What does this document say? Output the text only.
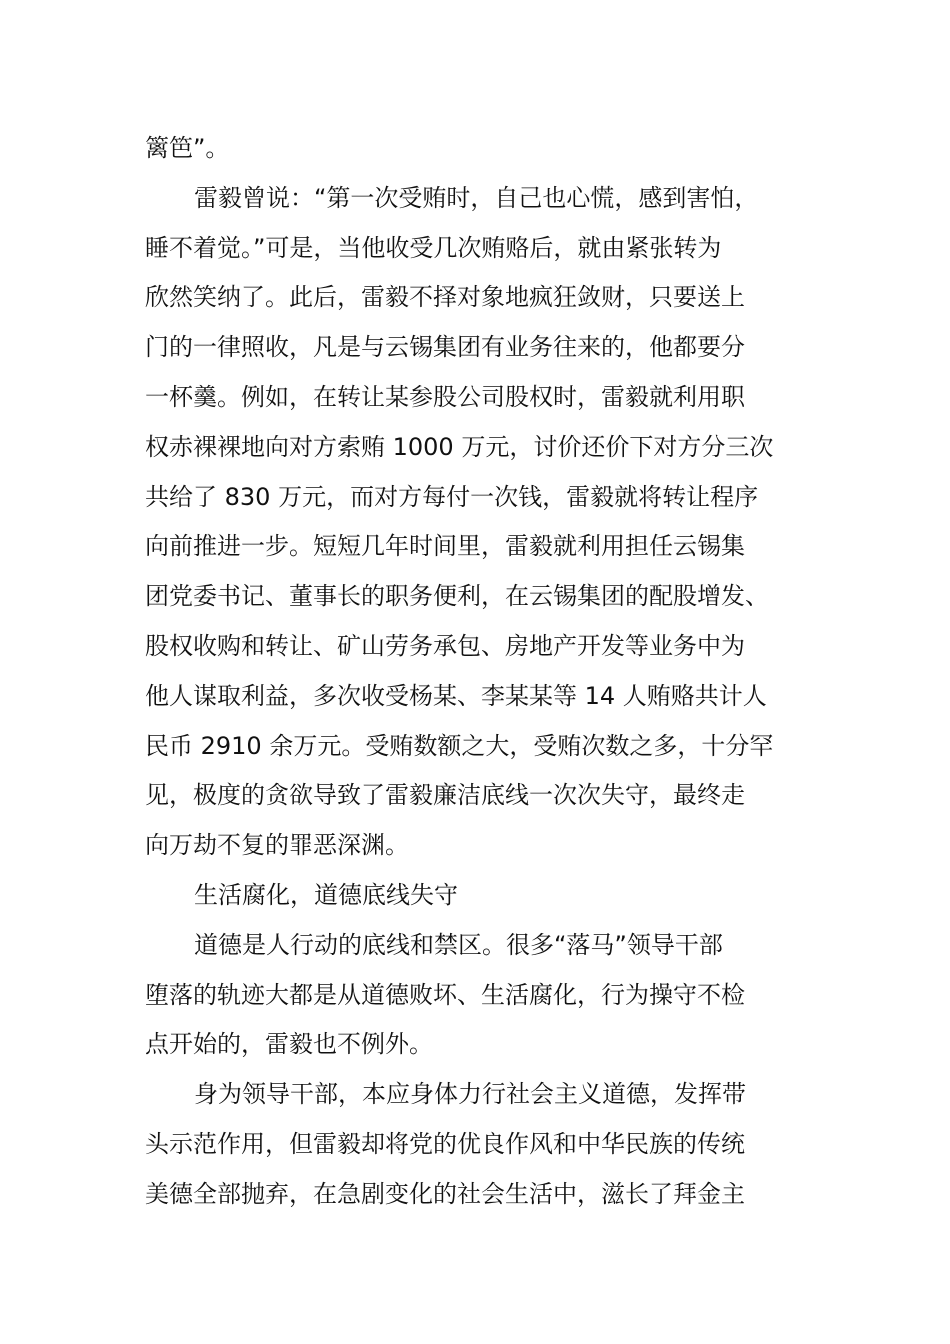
篱笆”。
雷毅曾说：“第一次受贿时，自己也心慌，感到害怕，
睡不着觉。”可是，当他收受几次贿赂后，就由紧张转为
欣然笑纳了。此后，雷毅不择对象地疯狂敛财，只要送上
门的一律照收，凡是与云锡集团有业务往来的，他都要分
一杯羹。例如，在转让某参股公司股权时，雷毅就利用职
权赤裸裸地向对方索贿 1000 万元，讨价还价下对方分三次
共给了 830 万元，而对方每付一次钱，雷毅就将转让程序
向前推进一步。短短几年时间里，雷毅就利用担任云锡集
团党委书记、董事长的职务便利，在云锡集团的配股增发、
股权收购和转让、矿山劳务承包、房地产开发等业务中为
他人谋取利益，多次收受杨某、李某某等 14 人贿赂共计人
民币 2910 余万元。受贿数额之大，受贿次数之多，十分罕
见，极度的贪欲导致了雷毅廉洁底线一次次失守，最终走
向万劫不复的罪恶深渊。
生活腐化，道德底线失守
道德是人行动的底线和禁区。很多“落马”领导干部
堕落的轨迹大都是从道德败坏、生活腐化，行为操守不检
点开始的，雷毅也不例外。
身为领导干部，本应身体力行社会主义道德，发挥带
头示范作用，但雷毅却将党的优良作风和中华民族的传统
美德全部抛弃，在急剧变化的社会生活中，滋长了拜金主
